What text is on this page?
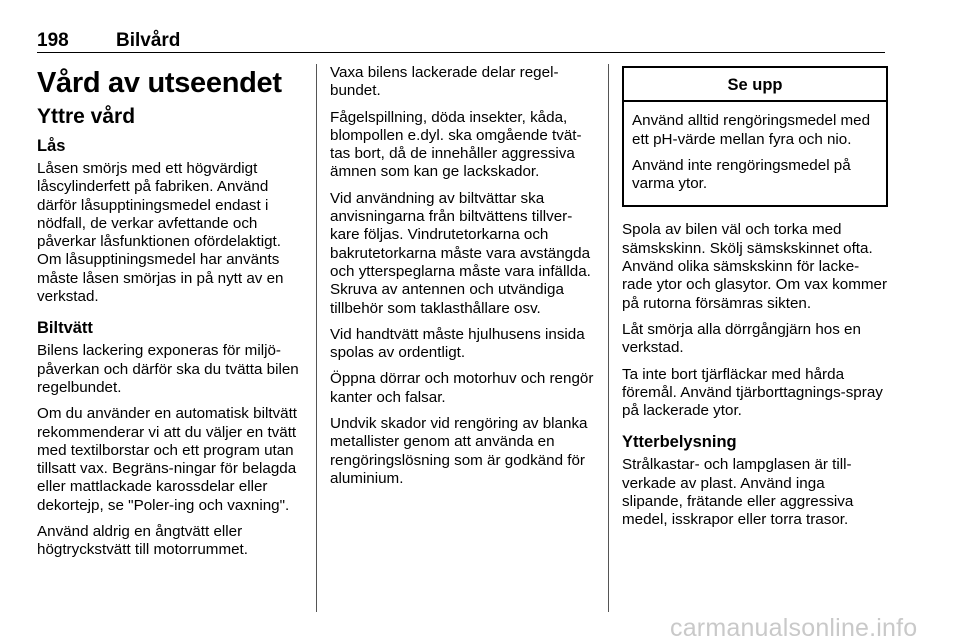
198 Bilvård
Vård av utseendet
Yttre vård
Lås

Låsen smörjs med ett högvärdigt låscylinderfett på fabriken. Använd därför låsupptiningsmedel endast i nödfall, de verkar avfettande och påverkar låsfunktionen ofördelaktigt. Om låsupptiningsmedel har använts måste låsen smörjas in på nytt av en verkstad.

Biltvätt

Bilens lackering exponeras för miljö-påverkan och därför ska du tvätta bilen regelbundet.

Om du använder en automatisk biltvätt rekommenderar vi att du väljer en tvätt med textilborstar och ett program utan tillsatt vax. Begräns-ningar för belagda eller mattlackade karossdelar eller dekortejp, se "Poler-ing och vaxning".

Använd aldrig en ångtvätt eller högtryckstvätt till motorrummet.

Vaxa bilens lackerade delar regel-bundet.

Fågelspillning, döda insekter, kåda, blompollen e.dyl. ska omgående tvät-tas bort, då de innehåller aggressiva ämnen som kan ge lackskador.

Vid användning av biltvättar ska anvisningarna från biltvättens tillver-kare följas. Vindrutetorkarna och bakrutetorkarna måste vara avstängda och ytterspeglarna måste vara infällda. Skruva av antennen och utvändiga tillbehör som taklasthållare osv.

Vid handtvätt måste hjulhusens insida spolas av ordentligt.

Öppna dörrar och motorhuv och rengör kanter och falsar.

Undvik skador vid rengöring av blanka metallister genom att använda en rengöringslösning som är godkänd för aluminium.

Se upp

Använd alltid rengöringsmedel med ett pH-värde mellan fyra och nio.

Använd inte rengöringsmedel på varma ytor.

Spola av bilen väl och torka med sämskskinn. Skölj sämskskinnet ofta. Använd olika sämskskinn för lacke-rade ytor och glasytor. Om vax kommer på rutorna försämras sikten.

Låt smörja alla dörrgångjärn hos en verkstad.

Ta inte bort tjärfläckar med hårda föremål. Använd tjärborttagnings-spray på lackerade ytor.

Ytterbelysning

Strålkastar- och lampglasen är till-verkade av plast. Använd inga slipande, frätande eller aggressiva medel, isskrapor eller torra trasor.

carmanualsonline.info
